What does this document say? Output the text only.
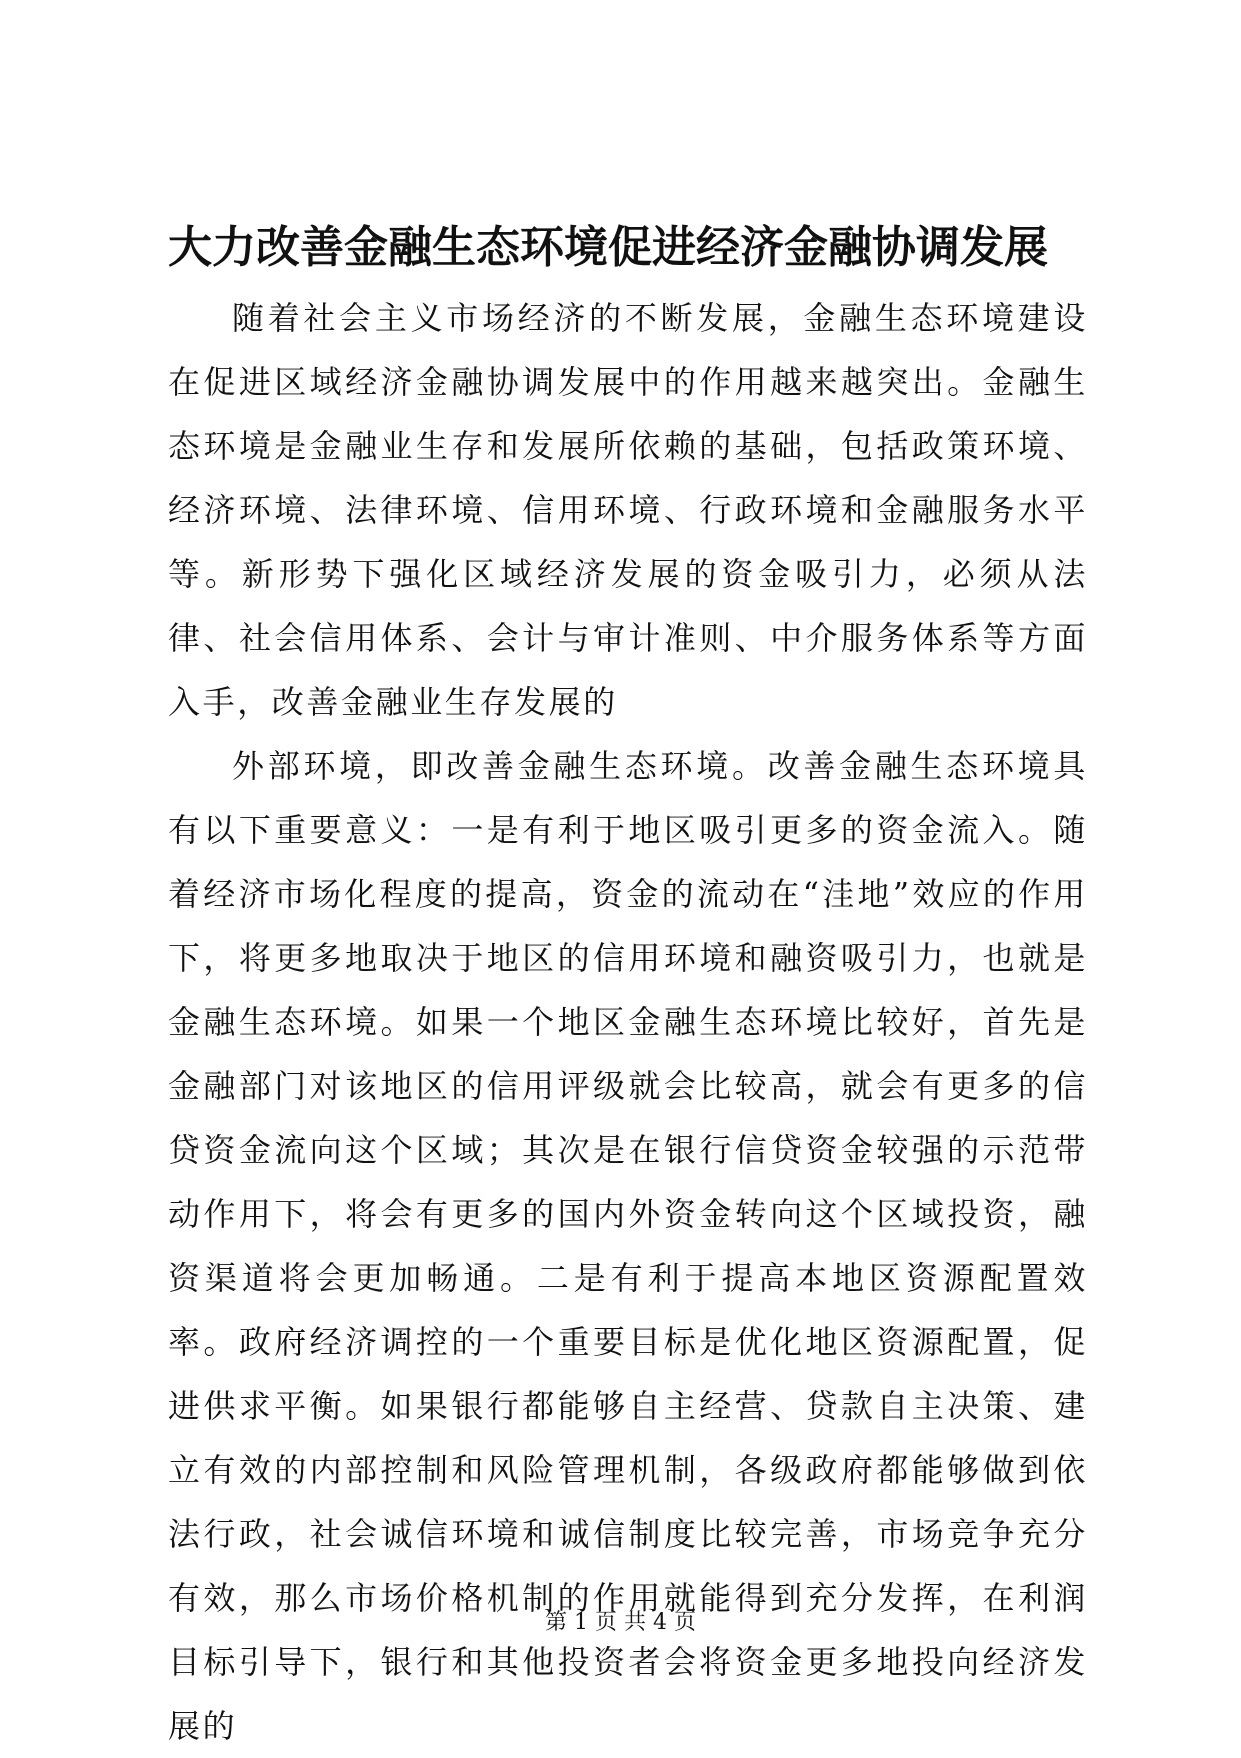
大力改善金融生态环境促进经济金融协调发展

随着社会主义市场经济的不断发展，金融生态环境建设在促进区域经济金融协调发展中的作用越来越突出。金融生态环境是金融业生存和发展所依赖的基础，包括政策环境、经济环境、法律环境、信用环境、行政环境和金融服务水平等。新形势下强化区域经济发展的资金吸引力，必须从法律、社会信用体系、会计与审计准则、中介服务体系等方面入手，改善金融业生存发展的

外部环境，即改善金融生态环境。改善金融生态环境具有以下重要意义：一是有利于地区吸引更多的资金流入。随着经济市场化程度的提高，资金的流动在“洼地”效应的作用下，将更多地取决于地区的信用环境和融资吸引力，也就是金融生态环境。如果一个地区金融生态环境比较好，首先是金融部门对该地区的信用评级就会比较高，就会有更多的信贷资金流向这个区域；其次是在银行信贷资金较强的示范带动作用下，将会有更多的国内外资金转向这个区域投资，融资渠道将会更加畅通。二是有利于提高本地区资源配置效率。政府经济调控的一个重要目标是优化地区资源配置，促进供求平衡。如果银行都能够自主经营、贷款自主决策、建立有效的内部控制和风险管理机制，各级政府都能够做到依法行政，社会诚信环境和诚信制度比较完善，市场竞争充分有效，那么市场价格机制的作用就能得到充分发挥，在利润目标引导下，银行和其他投资者会将资金更多地投向经济发展的

第 1 页 共 4 页
